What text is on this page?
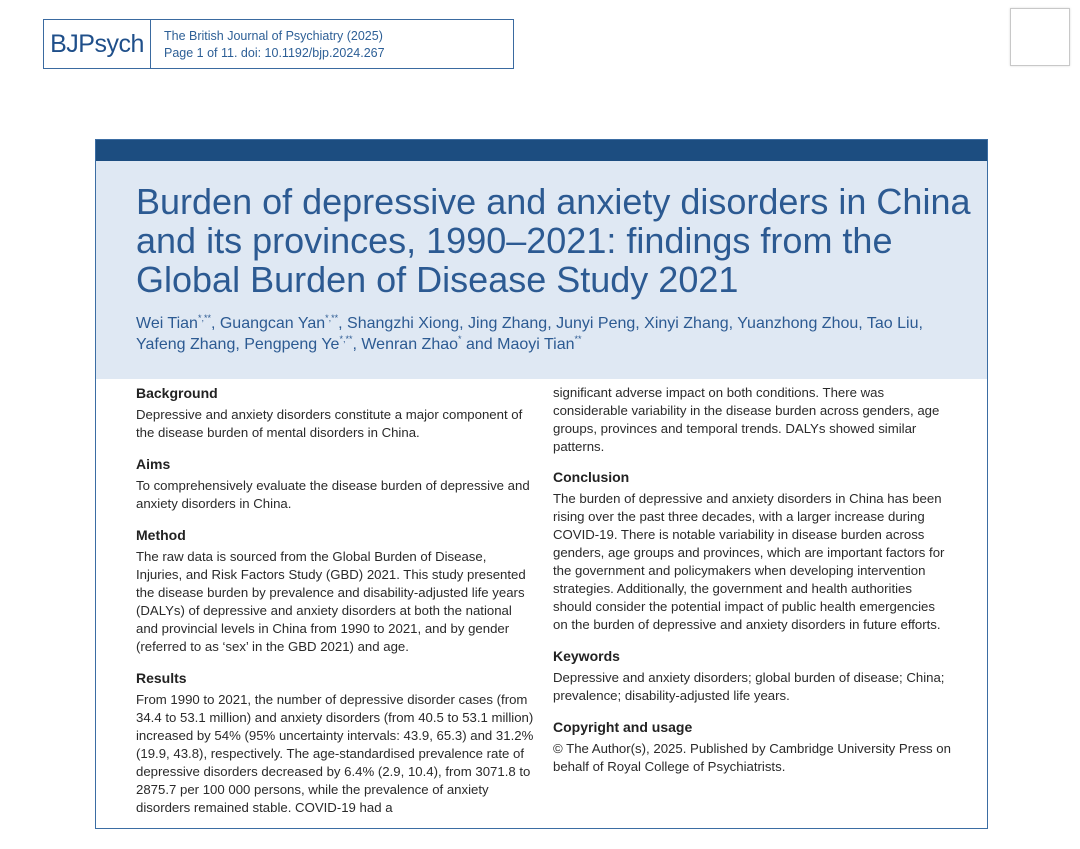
BJ Psych The British Journal of Psychiatry (2025)
Page 1 of 11. doi: 10.1192/bjp.2024.267
Burden of depressive and anxiety disorders in China and its provinces, 1990–2021: findings from the Global Burden of Disease Study 2021

Wei Tian*,**, Guangcan Yan*,**, Shangzhi Xiong, Jing Zhang, Junyi Peng, Xinyi Zhang, Yuanzhong Zhou, Tao Liu, Yafeng Zhang, Pengpeng Ye*,**, Wenran Zhao* and Maoyi Tian**

Background

Depressive and anxiety disorders constitute a major component of the disease burden of mental disorders in China.

Aims

To comprehensively evaluate the disease burden of depressive and anxiety disorders in China.

Method

The raw data is sourced from the Global Burden of Disease, Injuries, and Risk Factors Study (GBD) 2021. This study presented the disease burden by prevalence and disability-adjusted life years (DALYs) of depressive and anxiety disorders at both the national and provincial levels in China from 1990 to 2021, and by gender (referred to as ‘sex’ in the GBD 2021) and age.

Results

From 1990 to 2021, the number of depressive disorder cases (from 34.4 to 53.1 million) and anxiety disorders (from 40.5 to 53.1 million) increased by 54% (95% uncertainty intervals: 43.9, 65.3) and 31.2% (19.9, 43.8), respectively. The age-standardised prevalence rate of depressive disorders decreased by 6.4% (2.9, 10.4), from 3071.8 to 2875.7 per 100 000 persons, while the prevalence of anxiety disorders remained stable. COVID-19 had a

significant adverse impact on both conditions. There was considerable variability in the disease burden across genders, age groups, provinces and temporal trends. DALYs showed similar patterns.

Conclusion

The burden of depressive and anxiety disorders in China has been rising over the past three decades, with a larger increase during COVID-19. There is notable variability in disease burden across genders, age groups and provinces, which are important factors for the government and policymakers when developing intervention strategies. Additionally, the government and health authorities should consider the potential impact of public health emergencies on the burden of depressive and anxiety disorders in future efforts.

Keywords

Depressive and anxiety disorders; global burden of disease; China; prevalence; disability-adjusted life years.

Copyright and usage

© The Author(s), 2025. Published by Cambridge University Press on behalf of Royal College of Psychiatrists.
